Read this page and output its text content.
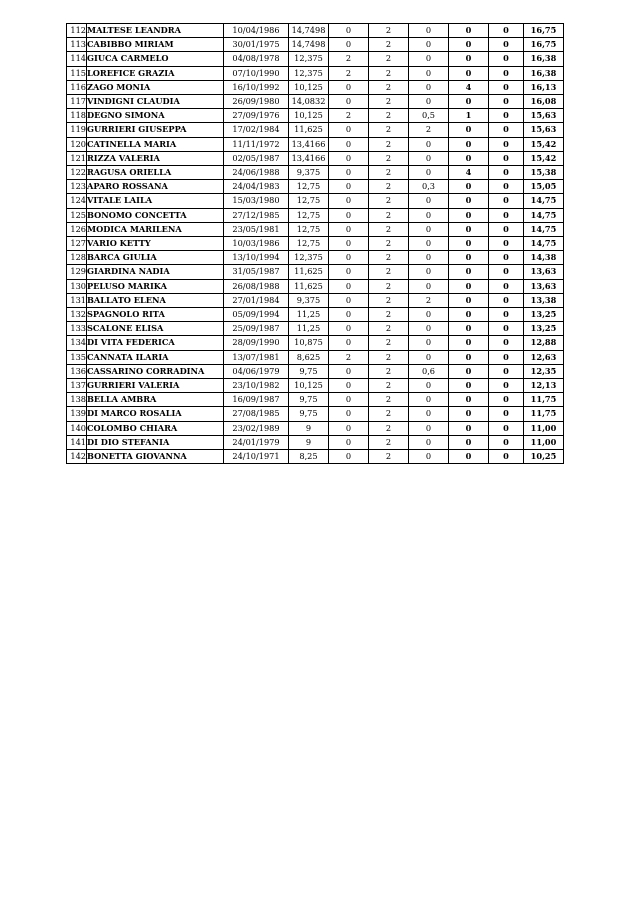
112	MALTESE LEANDRA	10/04/1986	14,7498	0	2	0	0	0	16,75
113	CABIBBO MIRIAM	30/01/1975	14,7498	0	2	0	0	0	16,75
114	GIUCA CARMELO	04/08/1978	12,375	2	2	0	0	0	16,38
115	LOREFICE GRAZIA	07/10/1990	12,375	2	2	0	0	0	16,38
116	ZAGO MONIA	16/10/1992	10,125	0	2	0	4	0	16,13
117	VINDIGNI CLAUDIA	26/09/1980	14,0832	0	2	0	0	0	16,08
118	DEGNO SIMONA	27/09/1976	10,125	2	2	0,5	1	0	15,63
119	GURRIERI GIUSEPPA	17/02/1984	11,625	0	2	2	0	0	15,63
120	CATINELLA MARIA	11/11/1972	13,4166	0	2	0	0	0	15,42
121	RIZZA VALERIA	02/05/1987	13,4166	0	2	0	0	0	15,42
122	RAGUSA ORIELLA	24/06/1988	9,375	0	2	0	4	0	15,38
123	APARO ROSSANA	24/04/1983	12,75	0	2	0,3	0	0	15,05
124	VITALE LAILA	15/03/1980	12,75	0	2	0	0	0	14,75
125	BONOMO CONCETTA	27/12/1985	12,75	0	2	0	0	0	14,75
126	MODICA MARILENA	23/05/1981	12,75	0	2	0	0	0	14,75
127	VARIO KETTY	10/03/1986	12,75	0	2	0	0	0	14,75
128	BARCA GIULIA	13/10/1994	12,375	0	2	0	0	0	14,38
129	GIARDINA NADIA	31/05/1987	11,625	0	2	0	0	0	13,63
130	PELUSO MARIKA	26/08/1988	11,625	0	2	0	0	0	13,63
131	BALLATO ELENA	27/01/1984	9,375	0	2	2	0	0	13,38
132	SPAGNOLO RITA	05/09/1994	11,25	0	2	0	0	0	13,25
133	SCALONE ELISA	25/09/1987	11,25	0	2	0	0	0	13,25
134	DI VITA FEDERICA	28/09/1990	10,875	0	2	0	0	0	12,88
135	CANNATA ILARIA	13/07/1981	8,625	2	2	0	0	0	12,63
136	CASSARINO CORRADINA	04/06/1979	9,75	0	2	0,6	0	0	12,35
137	GURRIERI VALERIA	23/10/1982	10,125	0	2	0	0	0	12,13
138	BELLA AMBRA	16/09/1987	9,75	0	2	0	0	0	11,75
139	DI MARCO ROSALIA	27/08/1985	9,75	0	2	0	0	0	11,75
140	COLOMBO CHIARA	23/02/1989	9	0	2	0	0	0	11,00
141	DI DIO STEFANIA	24/01/1979	9	0	2	0	0	0	11,00
142	BONETTA GIOVANNA	24/10/1971	8,25	0	2	0	0	0	10,25
